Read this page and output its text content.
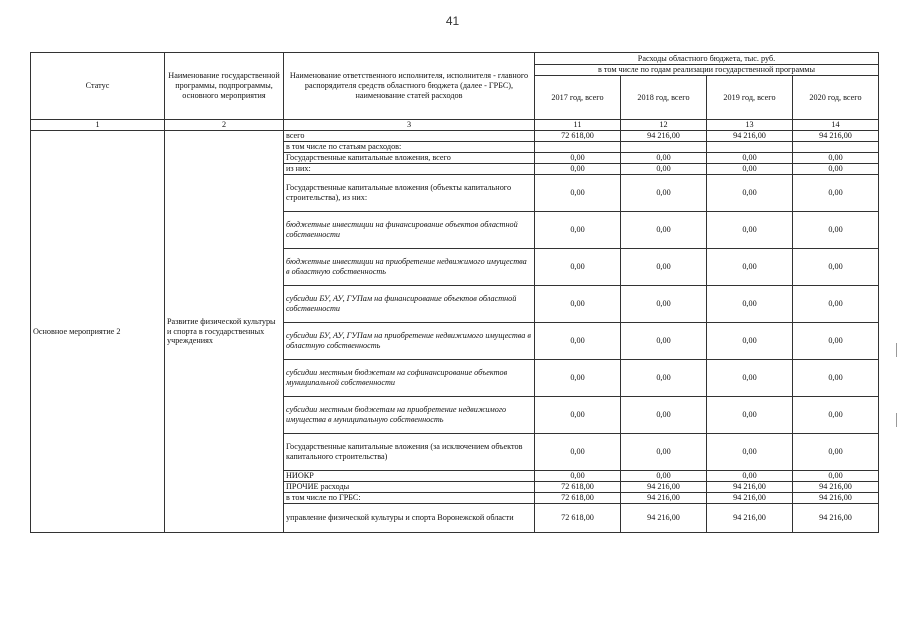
41
Статус	Наименование государственной программы, подпрограммы, основного мероприятия	Наименование ответственного исполнителя, исполнителя - главного распорядителя средств областного бюджета (далее - ГРБС), наименование статей расходов	Расходы областного бюджета, тыс. руб.			
			в том числе по годам реализации государственной программы			
			2017 год, всего	2018 год, всего	2019 год, всего	2020 год, всего
1	2	3	11	12	13	14
Основное мероприятие 2	Развитие физической культуры и спорта в государственных учреждениях	всего	72 618,00	94 216,00	94 216,00	94 216,00
		в том числе по статьям расходов:				
		Государственные капитальные вложения, всего	0,00	0,00	0,00	0,00
		из них:	0,00	0,00	0,00	0,00
		Государственные капитальные вложения (объекты капитального строительства), из них:	0,00	0,00	0,00	0,00
		бюджетные инвестиции на финансирование объектов областной собственности	0,00	0,00	0,00	0,00
		бюджетные инвестиции на приобретение недвижимого имущества в областную собственность	0,00	0,00	0,00	0,00
		субсидии БУ, АУ, ГУПам на финансирование объектов областной собственности	0,00	0,00	0,00	0,00
		субсидии БУ, АУ, ГУПам на приобретение недвижимого имущества в областную собственность	0,00	0,00	0,00	0,00
		субсидии местным бюджетам на софинансирование объектов муниципальной собственности	0,00	0,00	0,00	0,00
		субсидии местным бюджетам на приобретение недвижимого имущества в муниципальную собственность	0,00	0,00	0,00	0,00
		Государственные капитальные вложения (за исключением объектов капитального строительства)	0,00	0,00	0,00	0,00
		НИОКР	0,00	0,00	0,00	0,00
		ПРОЧИЕ расходы	72 618,00	94 216,00	94 216,00	94 216,00
		в том числе по ГРБС:	72 618,00	94 216,00	94 216,00	94 216,00
		управление физической культуры и спорта Воронежской области	72 618,00	94 216,00	94 216,00	94 216,00
